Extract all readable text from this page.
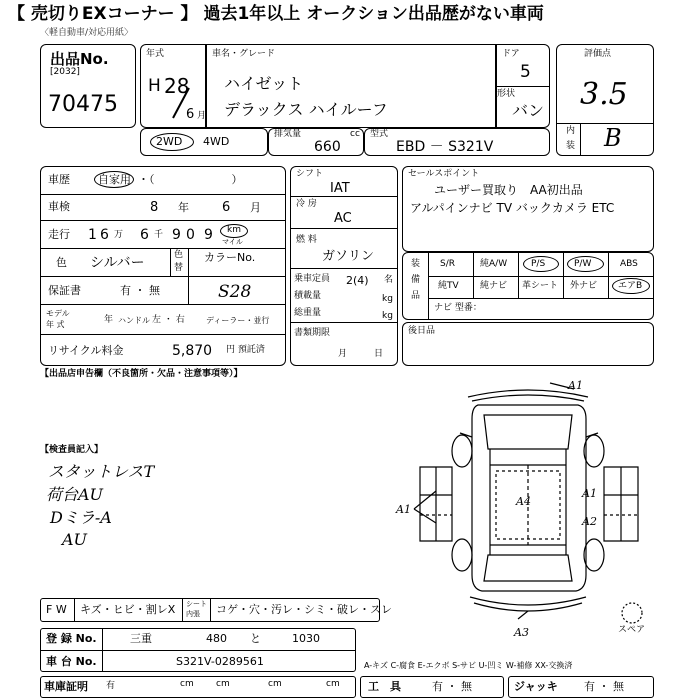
【 売切りEXコーナー 】 過去1年以上 オークション出品歴がない車両
〈軽自動車/対応用紙〉
出品No.
[2032]
70475
年式
H 28
6 月
車名・グレード
ハイゼット
デラックス ハイルーフ
ドア
5
形状
バン
評価点
3.5
内
装 B
2WD 4WD
排気量	cc
660
型式
EBD － S321V
車歴	自家用 ・（　　　　　　　）
車検	8 年	6 月
走行 1 6 万 6 千 9 0 9 km
マイル
色 シルバー	色
替
カラーNo.
S28
保証書	有 ・ 無
モデル
年 式	年 ハンドル 左 ・ 右	ディーラー・並行
リサイクル料金	5,870 円 預託済
シフト
IAT
冷 房
AC
燃 料
ガソリン
乗車定員 2(4) 名
積載量	kg
総重量	kg
書類期限
月　　　日
セールスポイント
ユーザー買取り　AA初出品
アルパインナビ TV バックカメラ ETC
装
備
品
S/R	純A/W	P/S	P/W	ABS
純TV 純ナビ 革シート 外ナビ エアB
ナビ 型番：
後日品
【出品店申告欄（不良箇所・欠品・注意事項等）】
【検査員記入】
スタットレスT
荷台AU
Dミラ-A
AU
A1
A1
A4
A1
A2
A3	スペア
F W キズ・ヒビ・割レX シート
内張 コゲ・穴・汚レ・シミ・破レ・スレ
登 録 No.	三重	480 と	1030
車 台 No.	S321V-0289561	A-キズ C-腐食 E-エクボ S-サビ U-凹ミ W-補修 XX-交換済
車庫証明 有	cm cm	cm	cm	工　具	有 ・ 無	ジャッキ 有 ・ 無
